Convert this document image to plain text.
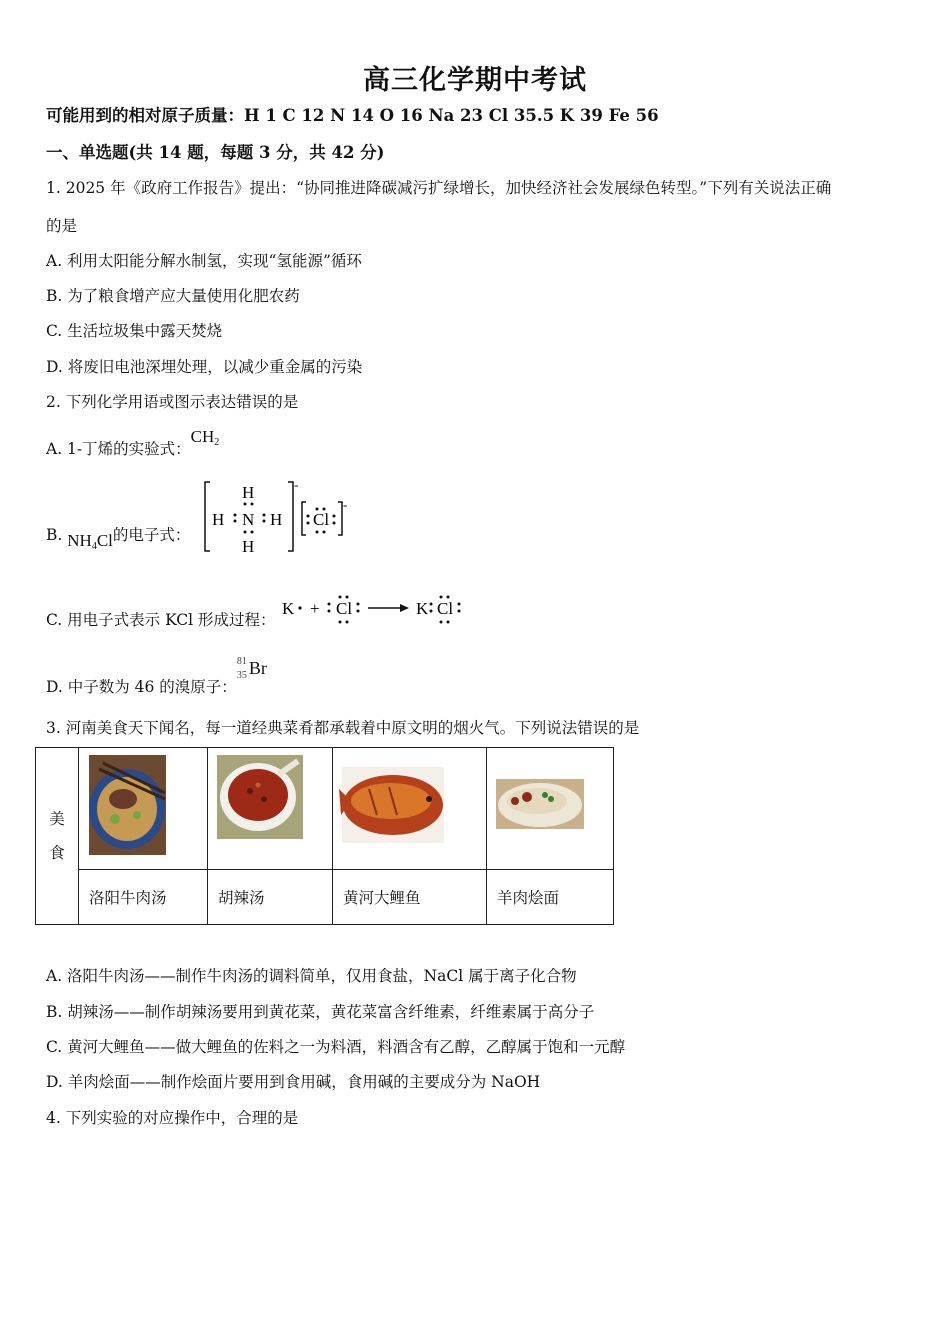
高三化学期中考试
可能用到的相对原子质量：H 1 C 12 N 14 O 16 Na 23 Cl 35.5 K 39 Fe 56
一、单选题(共 14 题，每题 3 分，共 42 分)
1. 2025 年《政府工作报告》提出：“协同推进降碳减污扩绿增长，加快经济社会发展绿色转型。”下列有关说法正确
的是
A. 利用太阳能分解水制氢，实现“氢能源”循环
B. 为了粮食增产应大量使用化肥农药
C. 生活垃圾集中露天焚烧
D. 将废旧电池深埋处理，以减少重金属的污染
2. 下列化学用语或图示表达错误的是
A. 1-丁烯的实验式：$CH_2$
B. $NH_4Cl$的电子式：
-
H
H N H
H
-
Cl
C. 用电子式表示 KCl 形成过程：
K + Cl	K Cl
D. 中子数为 46 的溴原子：
81
35 Br
3. 河南美食天下闻名，每一道经典菜肴都承载着中原文明的烟火气。下列说法错误的是
美
食

	洛阳牛肉汤	胡辣汤	黄河大鲤鱼	羊肉烩面
A. 洛阳牛肉汤——制作牛肉汤的调料简单，仅用食盐，NaCl 属于离子化合物
B. 胡辣汤——制作胡辣汤要用到黄花菜，黄花菜富含纤维素，纤维素属于高分子
C. 黄河大鲤鱼——做大鲤鱼的佐料之一为料酒，料酒含有乙醇，乙醇属于饱和一元醇
D. 羊肉烩面——制作烩面片要用到食用碱，食用碱的主要成分为 NaOH
4. 下列实验的对应操作中，合理的是
